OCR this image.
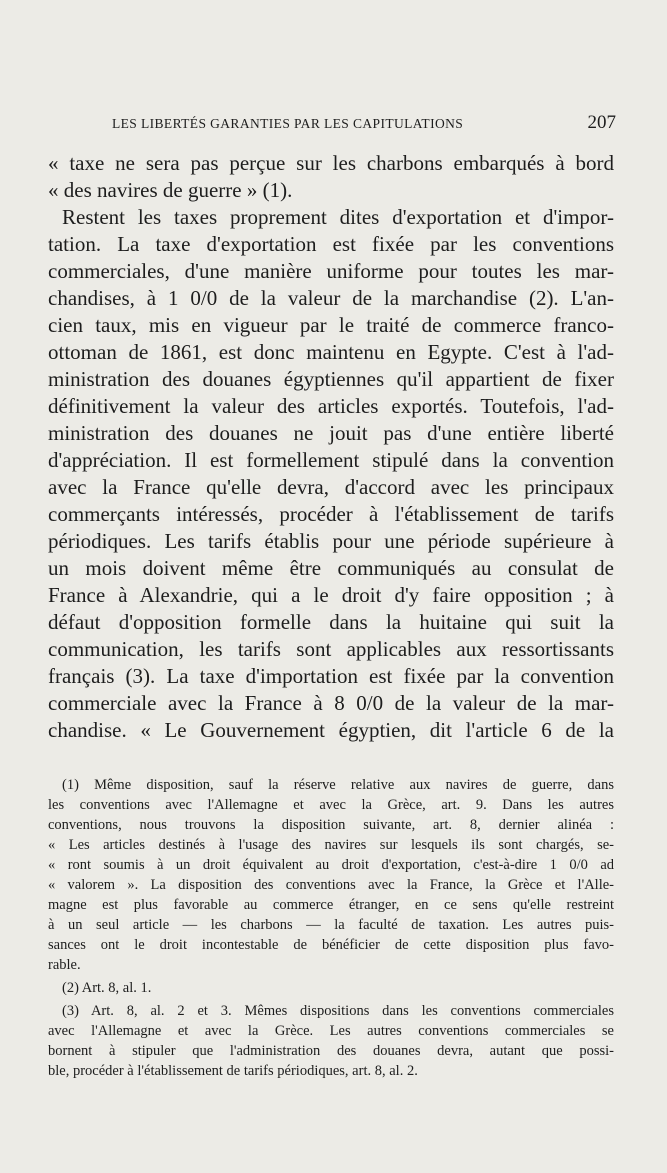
LES LIBERTÉS GARANTIES PAR LES CAPITULATIONS	207
« taxe ne sera pas perçue sur les charbons embarqués à bord
« des navires de guerre » (1).
Restent les taxes proprement dites d'exportation et d'impor-
tation. La taxe d'exportation est fixée par les conventions
commerciales, d'une manière uniforme pour toutes les mar-
chandises, à 1 0/0 de la valeur de la marchandise (2). L'an-
cien taux, mis en vigueur par le traité de commerce franco-
ottoman de 1861, est donc maintenu en Egypte. C'est à l'ad-
ministration des douanes égyptiennes qu'il appartient de fixer
définitivement la valeur des articles exportés. Toutefois, l'ad-
ministration des douanes ne jouit pas d'une entière liberté
d'appréciation. Il est formellement stipulé dans la convention
avec la France qu'elle devra, d'accord avec les principaux
commerçants intéressés, procéder à l'établissement de tarifs
périodiques. Les tarifs établis pour une période supérieure à
un mois doivent même être communiqués au consulat de
France à Alexandrie, qui a le droit d'y faire opposition ; à
défaut d'opposition formelle dans la huitaine qui suit la
communication, les tarifs sont applicables aux ressortissants
français (3). La taxe d'importation est fixée par la convention
commerciale avec la France à 8 0/0 de la valeur de la mar-
chandise. « Le Gouvernement égyptien, dit l'article 6 de la
(1) Même disposition, sauf la réserve relative aux navires de guerre, dans
les conventions avec l'Allemagne et avec la Grèce, art. 9. Dans les autres
conventions, nous trouvons la disposition suivante, art. 8, dernier alinéa :
« Les articles destinés à l'usage des navires sur lesquels ils sont chargés, se-
« ront soumis à un droit équivalent au droit d'exportation, c'est-à-dire 1 0/0 ad
« valorem ». La disposition des conventions avec la France, la Grèce et l'Alle-
magne est plus favorable au commerce étranger, en ce sens qu'elle restreint
à un seul article — les charbons — la faculté de taxation. Les autres puis-
sances ont le droit incontestable de bénéficier de cette disposition plus favo-
rable.
(2) Art. 8, al. 1.
(3) Art. 8, al. 2 et 3. Mêmes dispositions dans les conventions commerciales
avec l'Allemagne et avec la Grèce. Les autres conventions commerciales se
bornent à stipuler que l'administration des douanes devra, autant que possi-
ble, procéder à l'établissement de tarifs périodiques, art. 8, al. 2.
